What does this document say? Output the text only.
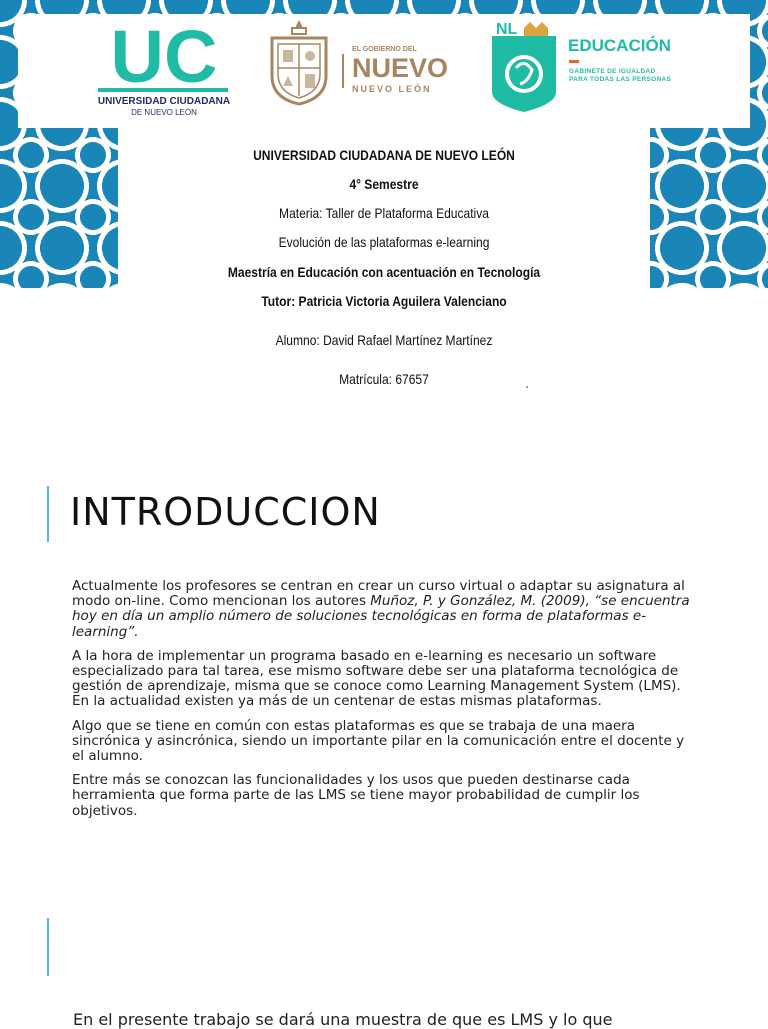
UC
UNIVERSIDAD CIUDADANA
DE NUEVO LEÓN
EL GOBIERNO DEL
NUEVO
NUEVO LEÓN
NL
EDUCACIÓN
GABINETE DE IGUALDAD
PARA TODAS LAS PERSONAS
UNIVERSIDAD CIUDADANA DE NUEVO LEÓN
4° Semestre
Materia: Taller de Plataforma Educativa
Evolución de las plataformas e-learning
Maestría en Educación con acentuación en Tecnología
Tutor: Patricia Victoria Aguilera Valenciano
Alumno: David Rafael Martínez Martínez
Matrícula: 67657
INTRODUCCION

Actualmente los profesores se centran en crear un curso virtual o adaptar su asignatura al modo on-line. Como mencionan los autores Muñoz, P. y González, M. (2009), “se encuentra hoy en día un amplio número de soluciones tecnológicas en forma de plataformas e-learning”.

A la hora de implementar un programa basado en e-learning es necesario un software especializado para tal tarea, ese mismo software debe ser una plataforma tecnológica de gestión de aprendizaje, misma que se conoce como Learning Management System (LMS). En la actualidad existen ya más de un centenar de estas mismas plataformas.

Algo que se tiene en común con estas plataformas es que se trabaja de una maera sincrónica y asincrónica, siendo un importante pilar en la comunicación entre el docente y el alumno.

Entre más se conozcan las funcionalidades y los usos que pueden destinarse cada herramienta que forma parte de las LMS se tiene mayor probabilidad de cumplir los objetivos.

En el presente trabajo se dará una muestra de que es LMS y lo que
